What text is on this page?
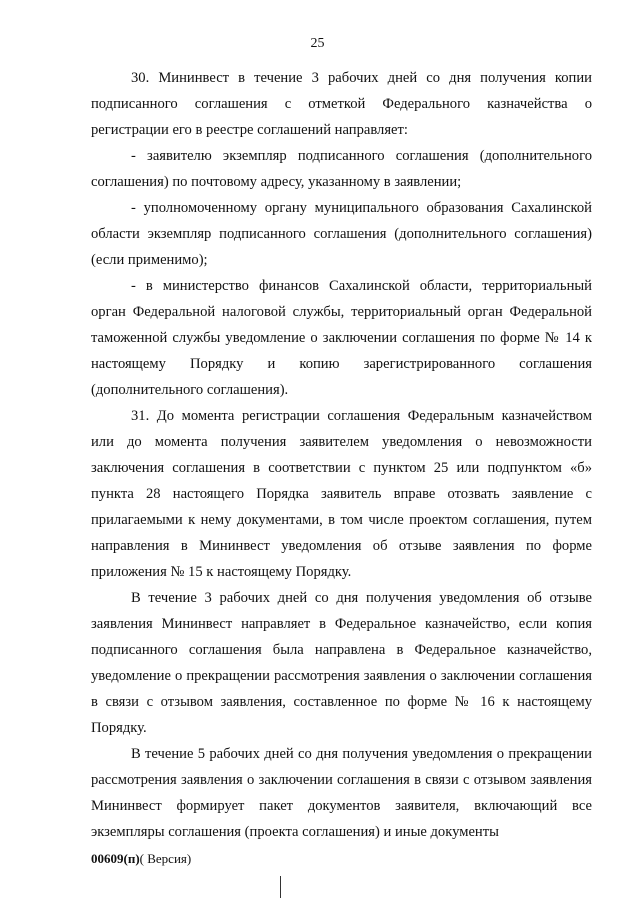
25

30. Мининвест в течение 3 рабочих дней со дня получения копии подписанного соглашения с отметкой Федерального казначейства о регистрации его в реестре соглашений направляет:

- заявителю экземпляр подписанного соглашения (дополнительного соглашения) по почтовому адресу, указанному в заявлении;

- уполномоченному органу муниципального образования Сахалинской области экземпляр подписанного соглашения (дополнительного соглашения) (если применимо);

- в министерство финансов Сахалинской области, территориальный орган Федеральной налоговой службы, территориальный орган Федеральной таможенной службы уведомление о заключении соглашения по форме № 14 к настоящему Порядку и копию зарегистрированного соглашения (дополнительного соглашения).

31. До момента регистрации соглашения Федеральным казначейством или до момента получения заявителем уведомления о невозможности заключения соглашения в соответствии с пунктом 25 или подпунктом «б» пункта 28 настоящего Порядка заявитель вправе отозвать заявление с прилагаемыми к нему документами, в том числе проектом соглашения, путем направления в Мининвест уведомления об отзыве заявления по форме приложения № 15 к настоящему Порядку.

В течение 3 рабочих дней со дня получения уведомления об отзыве заявления Мининвест направляет в Федеральное казначейство, если копия подписанного соглашения была направлена в Федеральное казначейство, уведомление о прекращении рассмотрения заявления о заключении соглашения в связи с отзывом заявления, составленное по форме № 16 к настоящему Порядку.

В течение 5 рабочих дней со дня получения уведомления о прекращении рассмотрения заявления о заключении соглашения в связи с отзывом заявления Мининвест формирует пакет документов заявителя, включающий все экземпляры соглашения (проекта соглашения) и иные документы

00609(п)( Версия)
